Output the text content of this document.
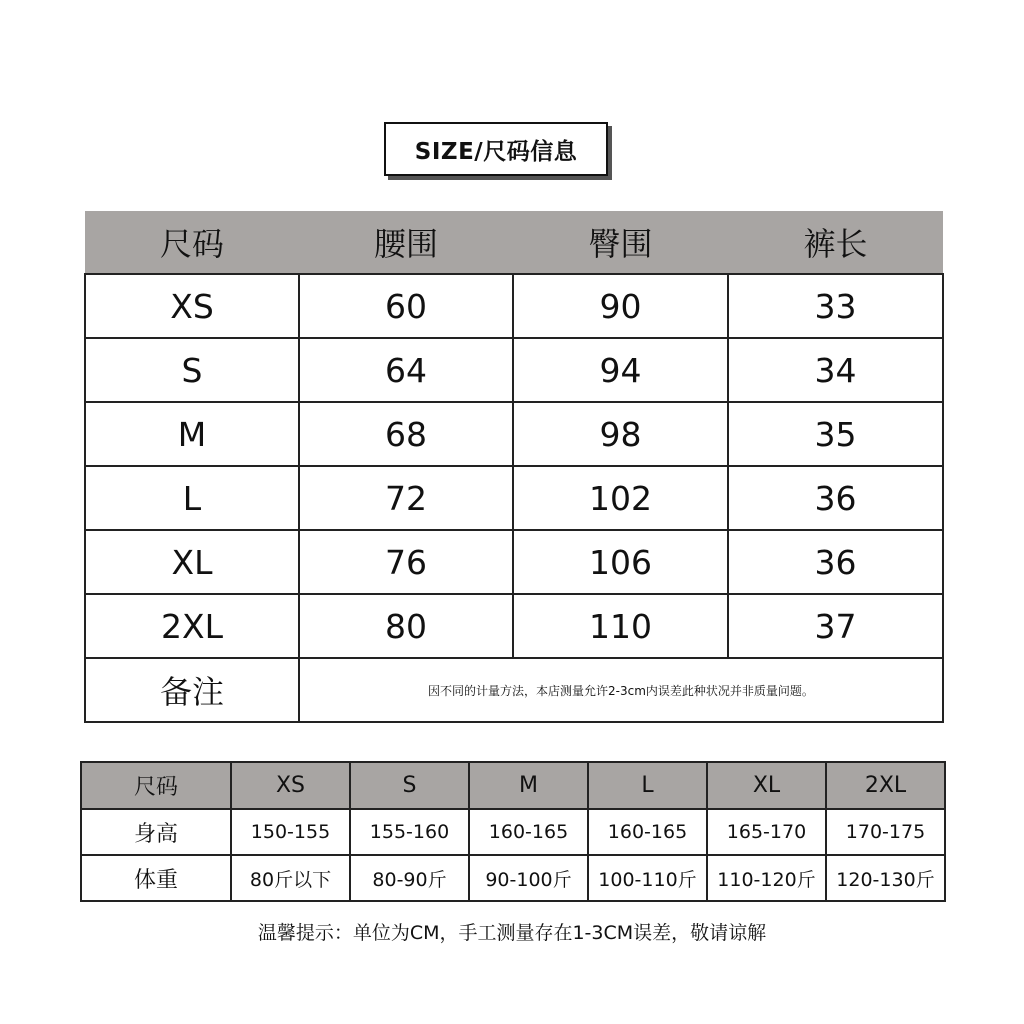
SIZE/尺码信息
尺码	腰围	臀围	裤长
XS	60	90	33
S	64	94	34
M	68	98	35
L	72	102	36
XL	76	106	36
2XL	80	110	37
备注	因不同的计量方法，本店测量允许2-3cm内误差此种状况并非质量问题。		
尺码	XS	S	M	L	XL	2XL
身高	150-155	155-160	160-165	160-165	165-170	170-175
体重	80斤以下	80-90斤	90-100斤	100-110斤	110-120斤	120-130斤
温馨提示：单位为CM，手工测量存在1-3CM误差，敬请谅解
